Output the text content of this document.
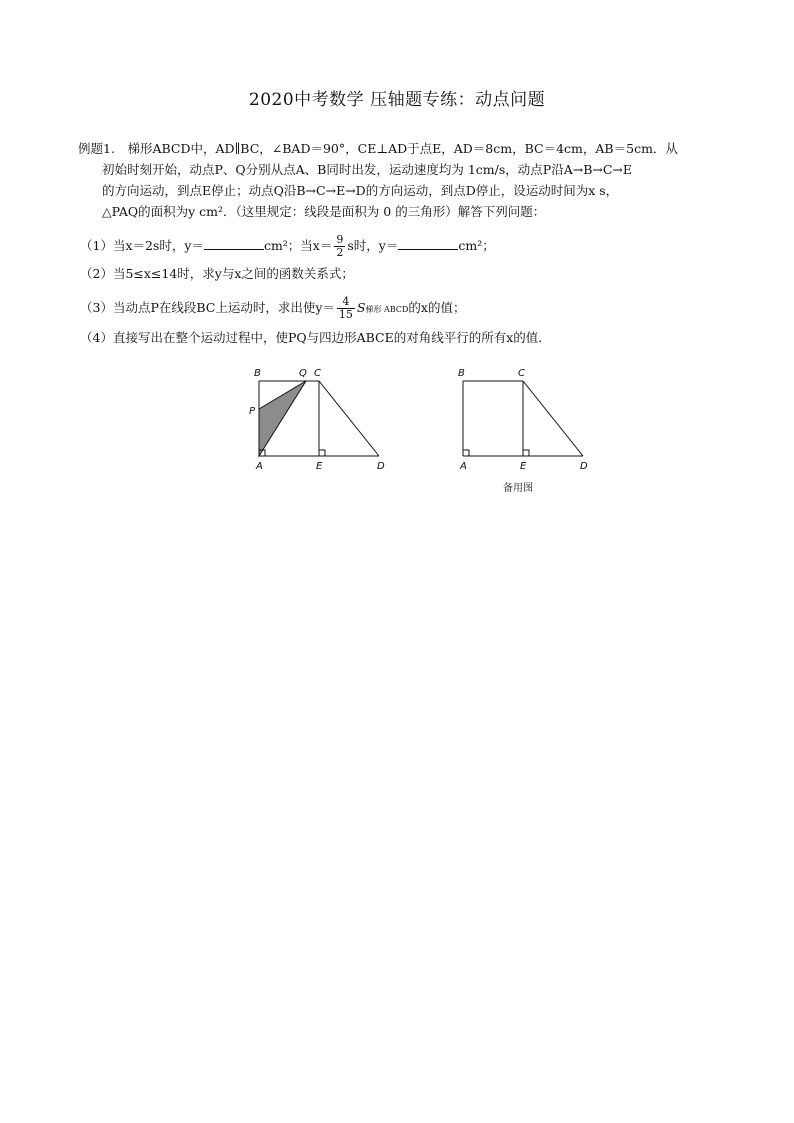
2020中考数学 压轴题专练：动点问题
例题1.　梯形ABCD中，AD∥BC，∠BAD＝90°，CE⊥AD于点E，AD＝8cm，BC＝4cm，AB＝5cm．从
初始时刻开始，动点P、Q分别从点A、B同时出发，运动速度均为 1cm/s，动点P沿A→B→C→E
的方向运动，到点E停止；动点Q沿B→C→E→D的方向运动，到点D停止，设运动时间为x s，
△PAQ的面积为y cm²．（这里规定：线段是面积为 0 的三角形）解答下列问题：
（1）当x＝2s时，y＝	cm²；当$x= \frac{9}{2}$ s时，y＝	cm²；
（2）当5≤x≤14时，求y与x之间的函数关系式；
（3）当动点P在线段BC上运动时，求出使$y= \frac{4}{15}$ S梯形 ABCD的x的值；
（4）直接写出在整个运动过程中，使PQ与四边形ABCE的对角线平行的所有x的值．
B	Q C
P
A	E	D
B	C
A	E	D
备用图
